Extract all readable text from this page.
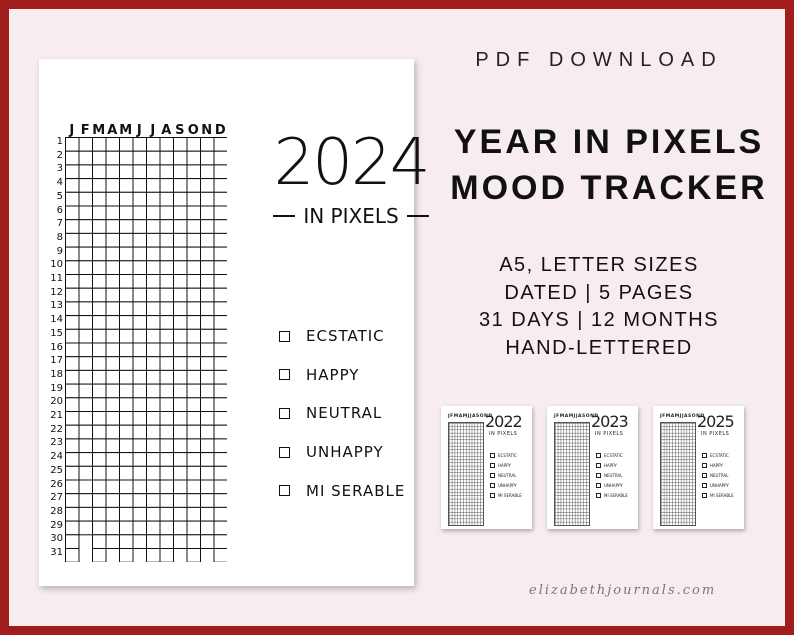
2024
IN PIXELS
ECSTATIC
HAPPY
NEUTRAL
UNHAPPY
MI SERABLE
© Elizabeth Journals · ElizabethJournals.com · For personal use only
J F M A M J J A S O N D
1
2
3
4
5
6
7
8
9
10
11
12
13
14
15
16
17
18
19
20
21
22
23
24
25
26
27
28
29
30
31
PDF DOWNLOAD
YEAR IN PIXELS
MOOD TRACKER
A5, LETTER SIZES
DATED | 5 PAGES
31 DAYS | 12 MONTHS
HAND-LETTERED
JFMAMJJASOND
2022
IN PIXELS
ECSTATIC
HAPPY
NEUTRAL
UNHAPPY
MI SERABLE
JFMAMJJASOND
2023
IN PIXELS
ECSTATIC
HAPPY
NEUTRAL
UNHAPPY
MI SERABLE
JFMAMJJASOND
2025
IN PIXELS
ECSTATIC
HAPPY
NEUTRAL
UNHAPPY
MI SERABLE
elizabethjournals.com
